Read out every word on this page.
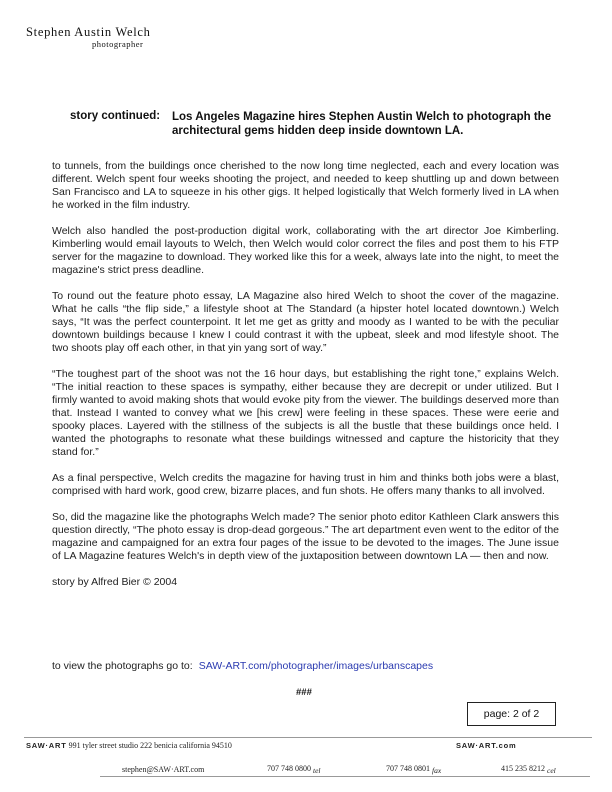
Stephen Austin Welch
photographer
story continued: Los Angeles Magazine hires Stephen Austin Welch to photograph the architectural gems hidden deep inside downtown LA.

to tunnels, from the buildings once cherished to the now long time neglected, each and every location was different. Welch spent four weeks shooting the project, and needed to keep shuttling up and down between San Francisco and LA to squeeze in his other gigs. It helped logistically that Welch formerly lived in LA when he worked in the film industry.

Welch also handled the post-production digital work, collaborating with the art director Joe Kimberling. Kimberling would email layouts to Welch, then Welch would color correct the files and post them to his FTP server for the magazine to download. They worked like this for a week, always late into the night, to meet the magazine's strict press deadline.

To round out the feature photo essay, LA Magazine also hired Welch to shoot the cover of the magazine. What he calls “the flip side,” a lifestyle shoot at The Standard (a hipster hotel located downtown.) Welch says, “It was the perfect counterpoint. It let me get as gritty and moody as I wanted to be with the peculiar downtown buildings because I knew I could contrast it with the upbeat, sleek and mod lifestyle shoot. The two shoots play off each other, in that yin yang sort of way.”

“The toughest part of the shoot was not the 16 hour days, but establishing the right tone,” explains Welch. “The initial reaction to these spaces is sympathy, either because they are decrepit or under utilized. But I firmly wanted to avoid making shots that would evoke pity from the viewer. The buildings deserved more than that. Instead I wanted to convey what we [his crew] were feeling in these spaces. These were eerie and spooky places. Layered with the stillness of the subjects is all the bustle that these buildings once held. I wanted the photographs to resonate what these buildings witnessed and capture the historicity that they stand for.”

As a final perspective, Welch credits the magazine for having trust in him and thinks both jobs were a blast, comprised with hard work, good crew, bizarre places, and fun shots. He offers many thanks to all involved.

So, did the magazine like the photographs Welch made? The senior photo editor Kathleen Clark answers this question directly, “The photo essay is drop-dead gorgeous.” The art department even went to the editor of the magazine and campaigned for an extra four pages of the issue to be devoted to the images. The June issue of LA Magazine features Welch's in depth view of the juxtaposition between downtown LA — then and now.

story by Alfred Bier © 2004

to view the photographs go to: SAW-ART.com/photographer/images/urbanscapes
###
page: 2 of 2
SAW·ART 991 tyler street studio 222 benicia california 94510	SAW·ART.com
stephen@SAW·ART.com	707 748 0800 tel	707 748 0801 fax	415 235 8212 cel
